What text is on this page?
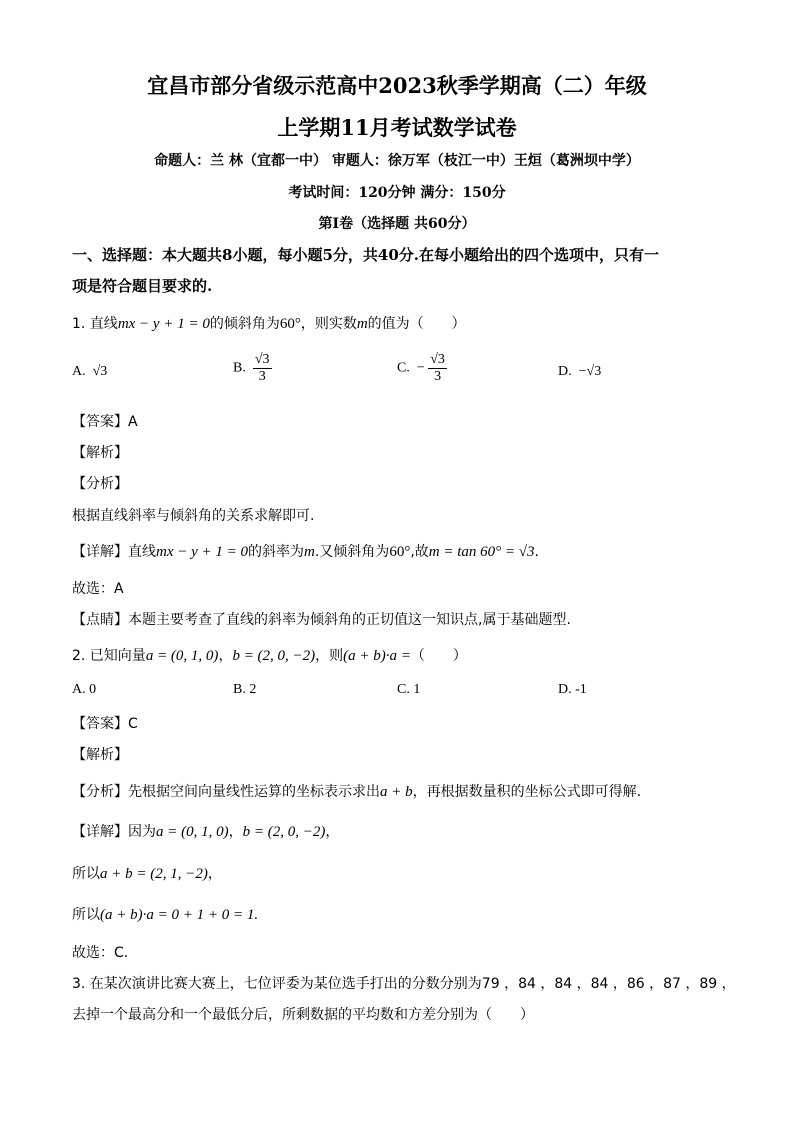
宜昌市部分省级示范高中2023秋季学期高（二）年级
上学期11月考试数学试卷
命题人：兰 林（宜都一中） 审题人：徐万军（枝江一中）王烜（葛洲坝中学）
考试时间：120分钟 满分：150分
第Ⅰ卷（选择题 共60分）
一、选择题：本大题共8小题，每小题5分，共40分.在每小题给出的四个选项中，只有一
项是符合题目要求的.
1. 直线mx − y + 1 = 0的倾斜角为60°，则实数m的值为（　　）
A. √3	B. $\frac{√3}{3}$	C. − $\frac{√3}{3}$	D. −√3
【答案】A
【解析】
【分析】
根据直线斜率与倾斜角的关系求解即可.
【详解】直线mx − y + 1 = 0的斜率为m.又倾斜角为60°,故m = tan 60° = √3.
故选：A
【点睛】本题主要考查了直线的斜率为倾斜角的正切值这一知识点,属于基础题型.
2. 已知向量a = (0, 1, 0)，b = (2, 0, −2)，则(a + b)·a =（　　）
A. 0	B. 2	C. 1	D. -1
【答案】C
【解析】
【分析】先根据空间向量线性运算的坐标表示求出a + b，再根据数量积的坐标公式即可得解.
【详解】因为a = (0, 1, 0)，b = (2, 0, −2)，
所以a + b = (2, 1, −2)，
所以(a + b)·a = 0 + 1 + 0 = 1.
故选：C.
3. 在某次演讲比赛大赛上，七位评委为某位选手打出的分数分别为79 ，84 ，84 ，84 ，86 ，87 ，89 ，
去掉一个最高分和一个最低分后，所剩数据的平均数和方差分别为（　　）
